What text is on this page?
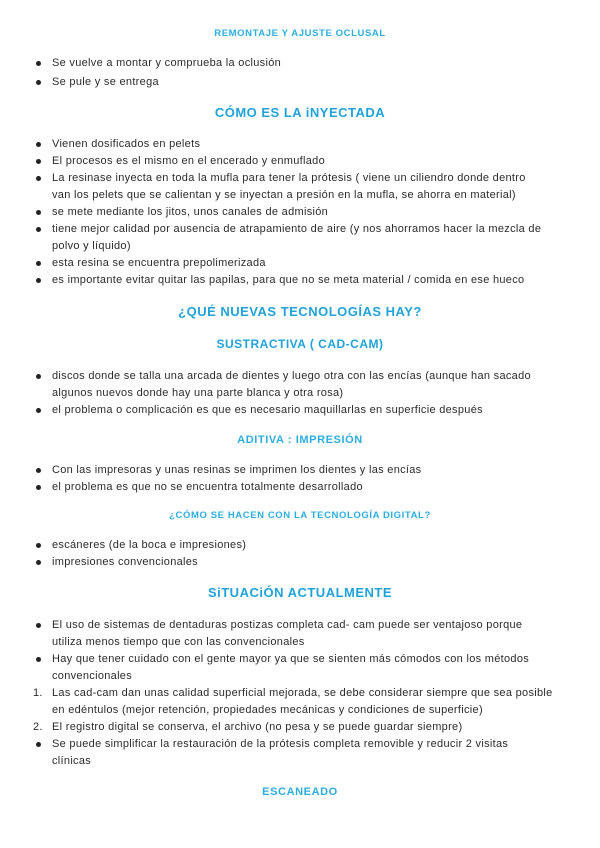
REMONTAJE Y AJUSTE OCLUSAL
Se vuelve a montar y comprueba la oclusión
Se pule y se entrega
CÓMO ES LA iNYECTADA
Vienen dosificados en pelets
El procesos es el mismo en el encerado y enmuflado
La resinase inyecta en toda la mufla para tener la prótesis ( viene un ciliendro donde dentro
van los pelets que se calientan y se inyectan a presión en la mufla, se ahorra en material)
se mete mediante los jitos, unos canales de admisión
tiene mejor calidad por ausencia de atrapamiento de aire (y nos ahorramos hacer la mezcla de
polvo y líquido)
esta resina se encuentra prepolimerizada
es importante evitar quitar las papilas, para que no se meta material / comida en ese hueco
¿QUÉ NUEVAS TECNOLOGÍAS HAY?
SUSTRACTIVA ( CAD-CAM)
discos donde se talla una arcada de dientes y luego otra con las encías (aunque han sacado
algunos nuevos donde hay una parte blanca y otra rosa)
el problema o complicación es que es necesario maquillarlas en superficie después
ADITIVA : IMPRESIÓN
Con las impresoras y unas resinas se imprimen los dientes y las encías
el problema es que no se encuentra totalmente desarrollado
¿CÓMO SE HACEN CON LA TECNOLOGÍA DIGITAL?
escáneres (de la boca e impresiones)
impresiones convencionales
SiTUACiÓN ACTUALMENTE
El uso de sistemas de dentaduras postizas completa cad- cam puede ser ventajoso porque
utiliza menos tiempo que con las convencionales
Hay que tener cuidado con el gente mayor ya que se sienten más cómodos con los métodos
convencionales
1. Las cad-cam dan unas calidad superficial mejorada, se debe considerar siempre que sea posible
en edéntulos (mejor retención, propiedades mecánicas y condiciones de superficie)
2. El registro digital se conserva, el archivo (no pesa y se puede guardar siempre)
Se puede simplificar la restauración de la prótesis completa removible y reducir 2 visitas
clínicas
ESCANEADO
